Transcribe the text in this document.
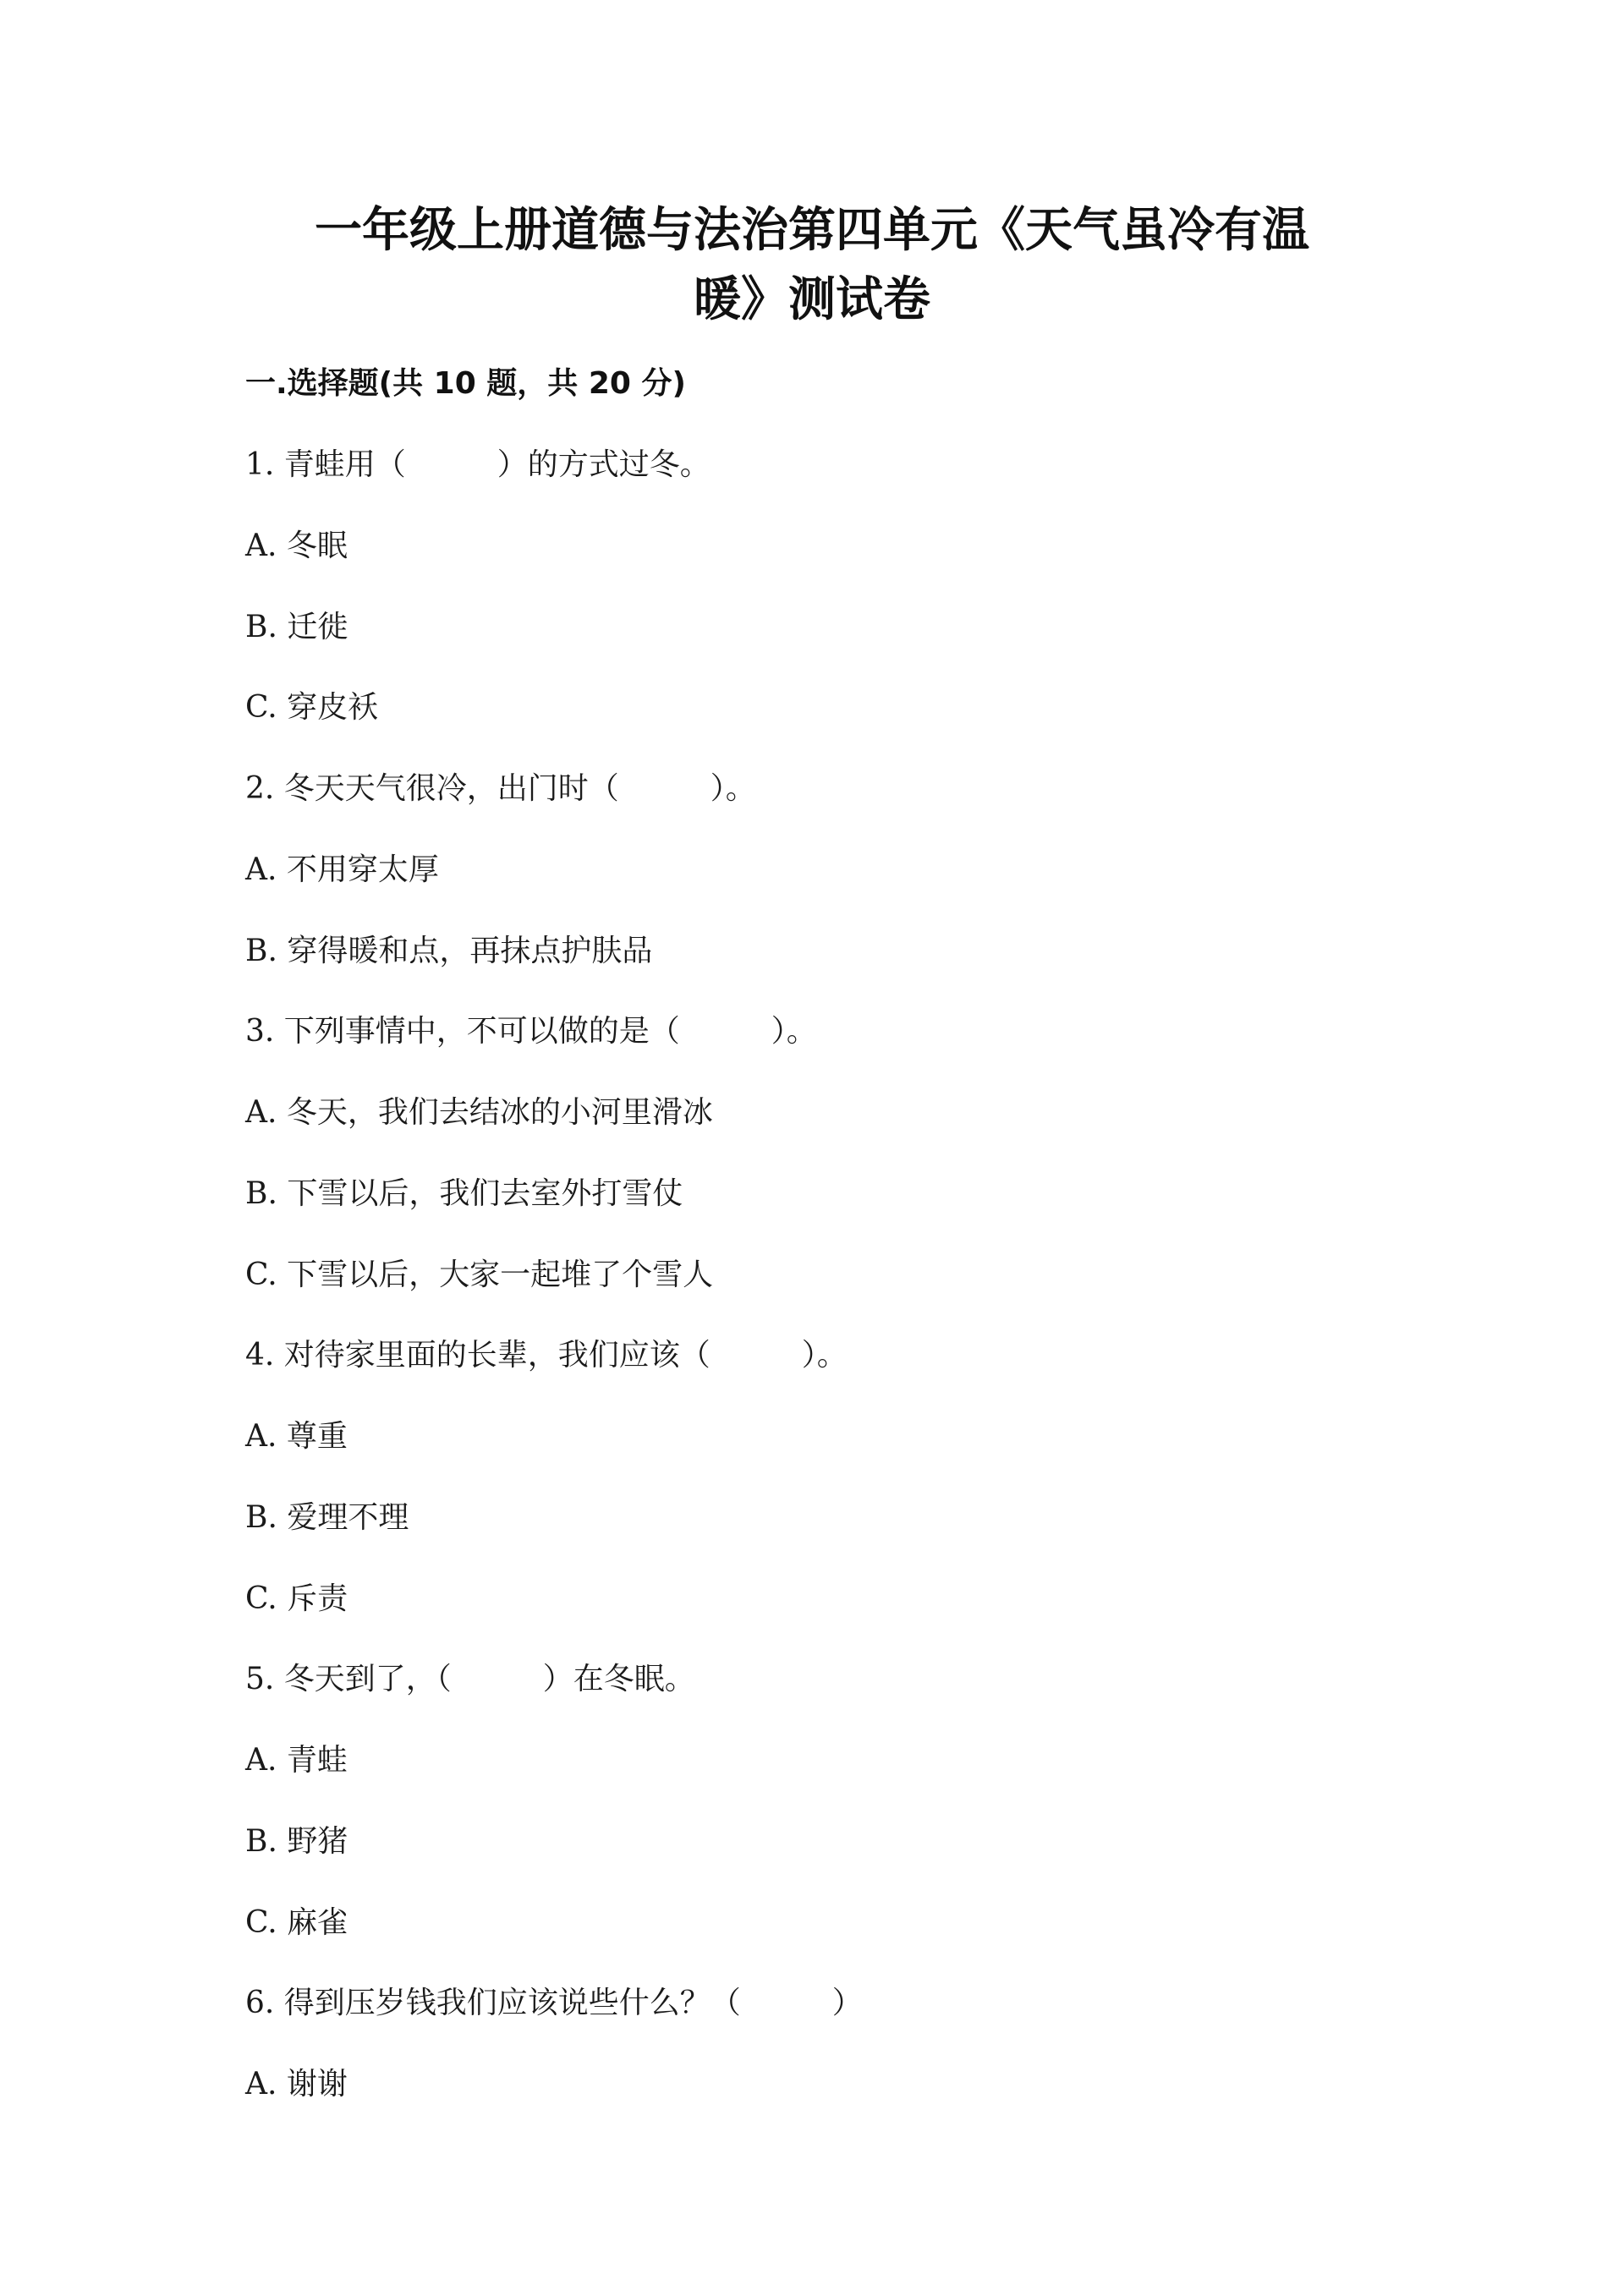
一年级上册道德与法治第四单元《天气虽冷有温
暖》测试卷
一.选择题(共 10 题，共 20 分)
1. 青蛙用（　　　）的方式过冬。
A. 冬眠
B. 迁徙
C. 穿皮袄
2. 冬天天气很冷，出门时（　　　）。
A. 不用穿太厚
B. 穿得暖和点，再抹点护肤品
3. 下列事情中，不可以做的是（　　　）。
A. 冬天，我们去结冰的小河里滑冰
B. 下雪以后，我们去室外打雪仗
C. 下雪以后，大家一起堆了个雪人
4. 对待家里面的长辈，我们应该（　　　）。
A. 尊重
B. 爱理不理
C. 斥责
5. 冬天到了，（　　　）在冬眠。
A. 青蛙
B. 野猪
C. 麻雀
6. 得到压岁钱我们应该说些什么？（　　　）
A. 谢谢
